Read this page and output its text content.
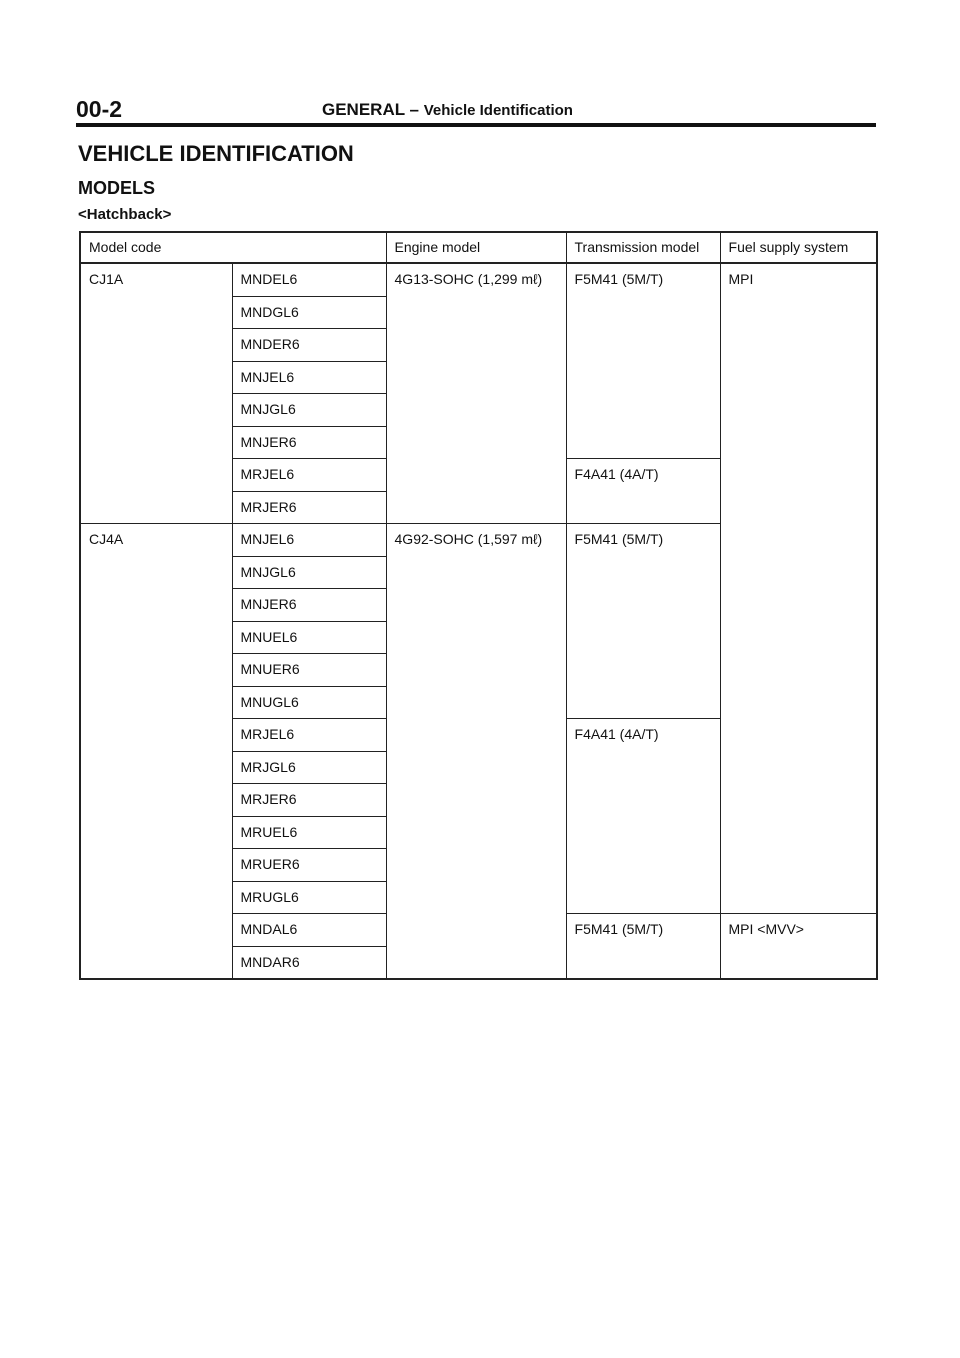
00-2	GENERAL – Vehicle Identification
VEHICLE IDENTIFICATION
MODELS
<Hatchback>
Model code		Engine model	Transmission model	Fuel supply system
CJ1A	MNDEL6	4G13-SOHC (1,299 mℓ)	F5M41 (5M/T)	MPI
	MNDGL6			
	MNDER6			
	MNJEL6			
	MNJGL6			
	MNJER6			
	MRJEL6		F4A41 (4A/T)	
	MRJER6			
CJ4A	MNJEL6	4G92-SOHC (1,597 mℓ)	F5M41 (5M/T)	
	MNJGL6			
	MNJER6			
	MNUEL6			
	MNUER6			
	MNUGL6			
	MRJEL6		F4A41 (4A/T)	
	MRJGL6			
	MRJER6			
	MRUEL6			
	MRUER6			
	MRUGL6			
	MNDAL6		F5M41 (5M/T)	MPI <MVV>
	MNDAR6			
